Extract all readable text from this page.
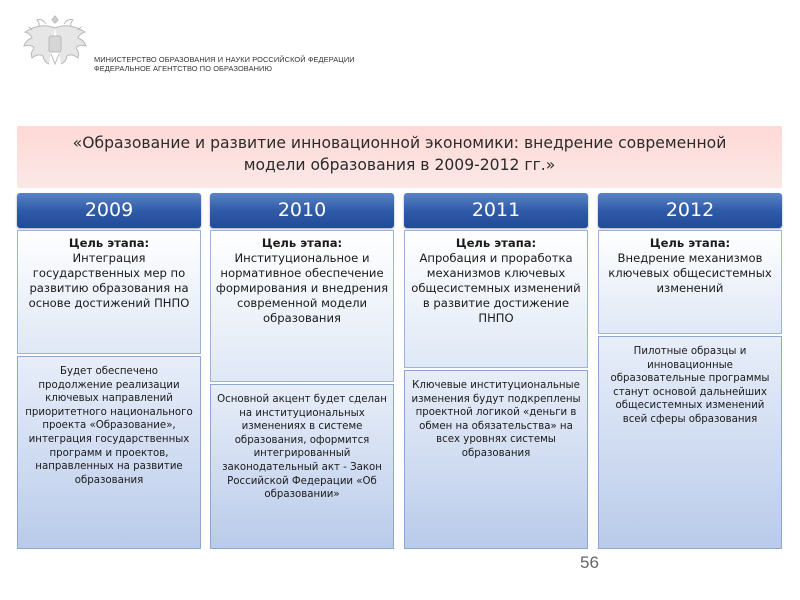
МИНИСТЕРСТВО ОБРАЗОВАНИЯ И НАУКИ РОССИЙСКОЙ ФЕДЕРАЦИИ
ФЕДЕРАЛЬНОЕ АГЕНТСТВО ПО ОБРАЗОВАНИЮ
«Образование и развитие инновационной экономики: внедрение современной
модели образования в 2009-2012 гг.»
2009
Цель этапа:
Интеграция государственных мер по развитию образования на основе достижений ПНПО
Будет обеспечено продолжение реализации ключевых направлений приоритетного национального проекта «Образование», интеграция государственных программ и проектов, направленных на развитие образования
2010
Цель этапа:
Институциональное и нормативное обеспечение формирования и внедрения современной модели образования
Основной акцент будет сделан на институциональных изменениях в системе образования, оформится интегрированный законодательный акт - Закон Российской Федерации «Об образовании»
2011
Цель этапа:
Апробация и проработка механизмов ключевых общесистемных изменений в развитие достижение ПНПО
Ключевые институциональные изменения будут подкреплены проектной логикой «деньги в обмен на обязательства» на всех уровнях системы образования
2012
Цель этапа:
Внедрение механизмов ключевых общесистемных изменений
Пилотные образцы и инновационные образовательные программы станут основой дальнейших общесистемных изменений всей сферы образования
56
